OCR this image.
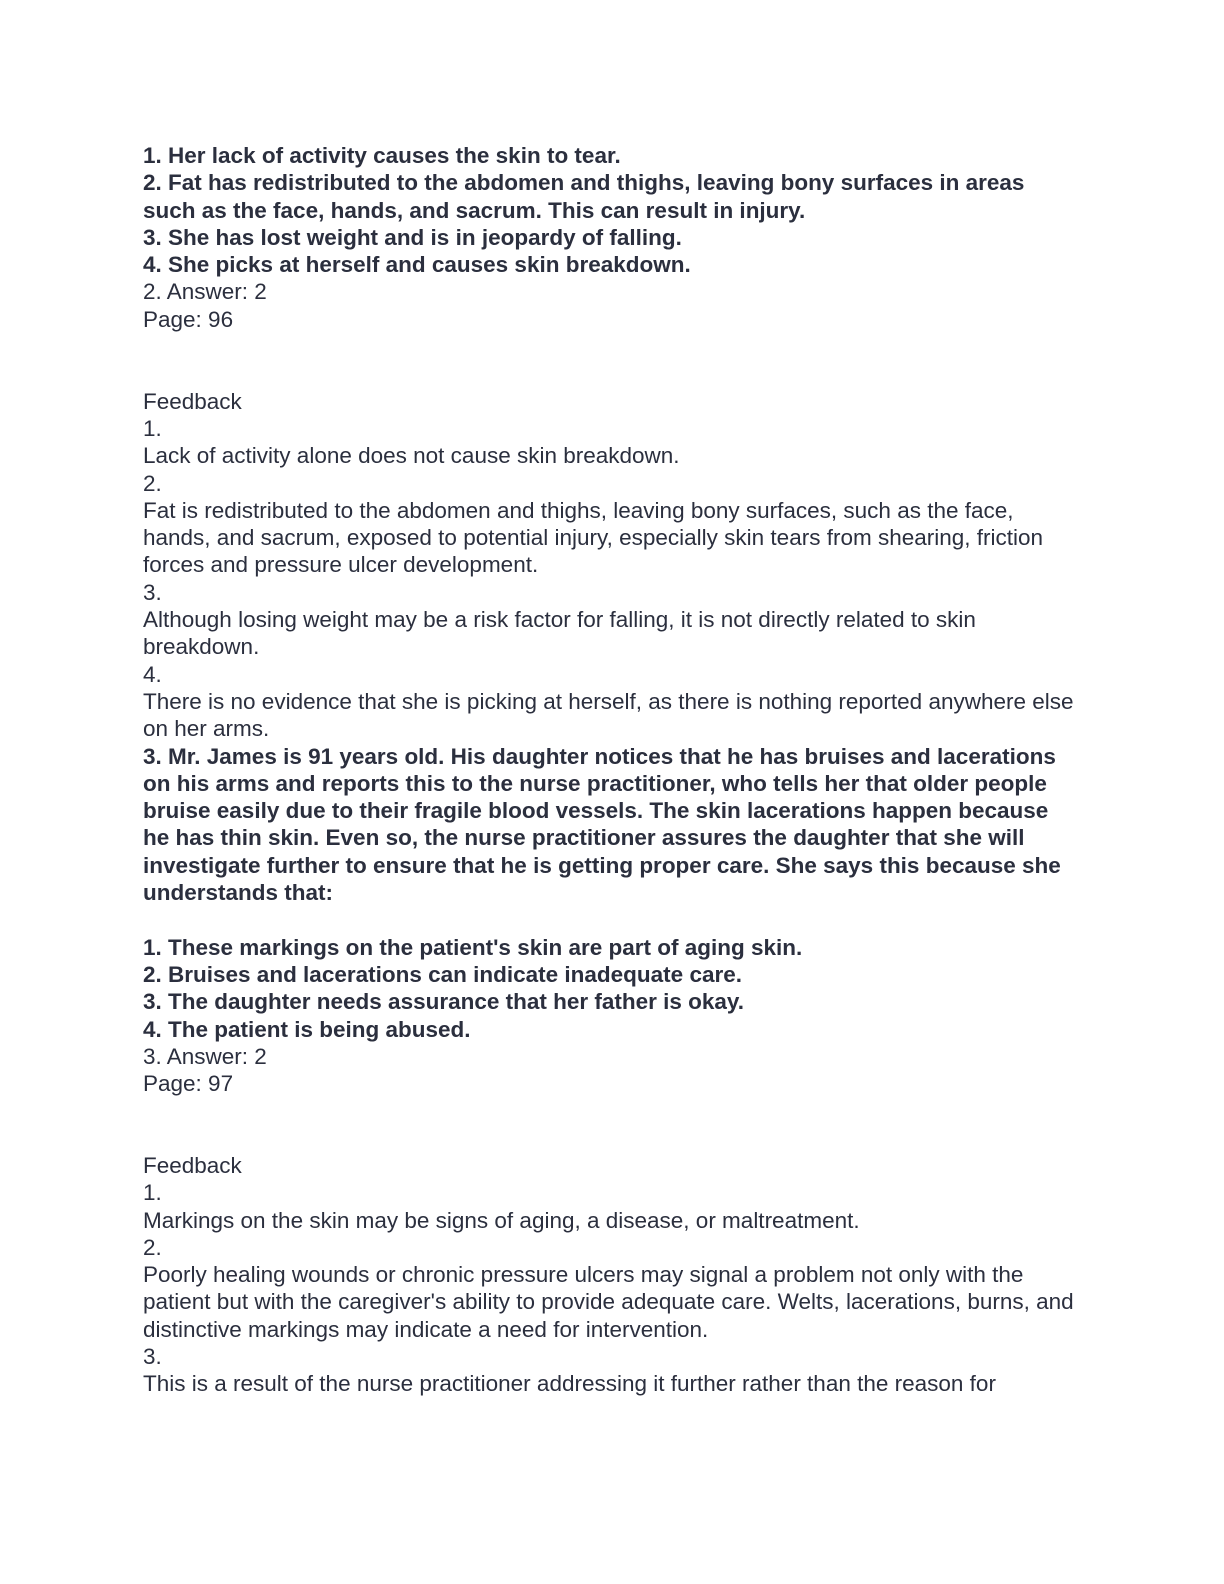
1. Her lack of activity causes the skin to tear.
2. Fat has redistributed to the abdomen and thighs, leaving bony surfaces in areas such as the face, hands, and sacrum. This can result in injury.
3. She has lost weight and is in jeopardy of falling.
4. She picks at herself and causes skin breakdown.
2. Answer: 2
Page: 96
Feedback
1.
Lack of activity alone does not cause skin breakdown.
2.
Fat is redistributed to the abdomen and thighs, leaving bony surfaces, such as the face, hands, and sacrum, exposed to potential injury, especially skin tears from shearing, friction forces and pressure ulcer development.
3.
Although losing weight may be a risk factor for falling, it is not directly related to skin breakdown.
4.
There is no evidence that she is picking at herself, as there is nothing reported anywhere else on her arms.
3. Mr. James is 91 years old. His daughter notices that he has bruises and lacerations on his arms and reports this to the nurse practitioner, who tells her that older people bruise easily due to their fragile blood vessels. The skin lacerations happen because he has thin skin. Even so, the nurse practitioner assures the daughter that she will investigate further to ensure that he is getting proper care. She says this because she understands that:
1. These markings on the patient's skin are part of aging skin.
2. Bruises and lacerations can indicate inadequate care.
3. The daughter needs assurance that her father is okay.
4. The patient is being abused.
3. Answer: 2
Page: 97
Feedback
1.
Markings on the skin may be signs of aging, a disease, or maltreatment.
2.
Poorly healing wounds or chronic pressure ulcers may signal a problem not only with the patient but with the caregiver's ability to provide adequate care. Welts, lacerations, burns, and distinctive markings may indicate a need for intervention.
3.
This is a result of the nurse practitioner addressing it further rather than the reason for
